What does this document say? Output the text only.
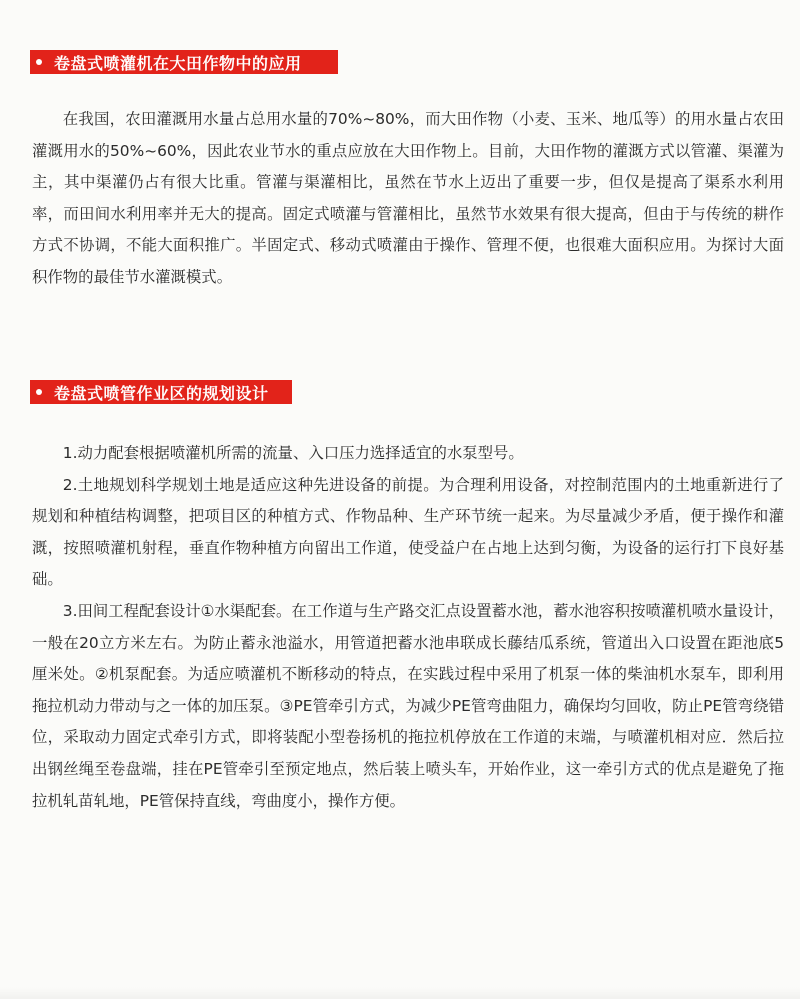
卷盘式喷灌机在大田作物中的应用

在我国，农田灌溉用水量占总用水量的70%~80%，而大田作物（小麦、玉米、地瓜等）的用水量占农田灌溉用水的50%~60%，因此农业节水的重点应放在大田作物上。目前，大田作物的灌溉方式以管灌、渠灌为主，其中渠灌仍占有很大比重。管灌与渠灌相比，虽然在节水上迈出了重要一步，但仅是提高了渠系水利用率，而田间水利用率并无大的提高。固定式喷灌与管灌相比，虽然节水效果有很大提高，但由于与传统的耕作方式不协调，不能大面积推广。半固定式、移动式喷灌由于操作、管理不便，也很难大面积应用。为探讨大面积作物的最佳节水灌溉模式。

卷盘式喷管作业区的规划设计

1.动力配套根据喷灌机所需的流量、入口压力选择适宜的水泵型号。

2.土地规划科学规划土地是适应这种先进设备的前提。为合理利用设备，对控制范围内的土地重新进行了规划和种植结构调整，把项目区的种植方式、作物品种、生产环节统一起来。为尽量减少矛盾，便于操作和灌溉，按照喷灌机射程，垂直作物种植方向留出工作道，使受益户在占地上达到匀衡，为设备的运行打下良好基础。

3.田间工程配套设计①水渠配套。在工作道与生产路交汇点设置蓄水池，蓄水池容积按喷灌机喷水量设计，一般在20立方米左右。为防止蓄永池溢水，用管道把蓄水池串联成长藤结瓜系统，管道出入口设置在距池底5厘米处。②机泵配套。为适应喷灌机不断移动的特点，在实践过程中采用了机泵一体的柴油机水泵车，即利用拖拉机动力带动与之一体的加压泵。③PE管牵引方式，为减少PE管弯曲阻力，确保均匀回收，防止PE管弯绕错位，采取动力固定式牵引方式，即将装配小型卷扬机的拖拉机停放在工作道的末端，与喷灌机相对应．然后拉出钢丝绳至卷盘端，挂在PE管牵引至预定地点，然后装上喷头车，开始作业，这一牵引方式的优点是避免了拖拉机轧苗轧地，PE管保持直线，弯曲度小，操作方便。
